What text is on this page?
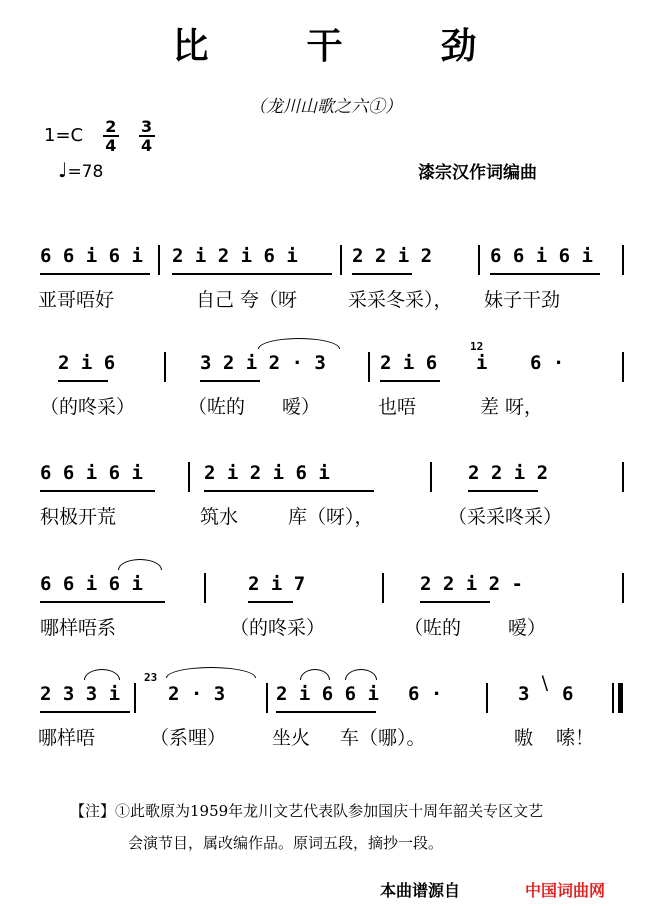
比	干	劲
（龙川山歌之六①）
$1=C \frac{2}{4}$
$\frac{3}{4}$
♩=78	漆宗汉作词编曲
6 6 i 6 i 2 i 2 i 6 i	2 2 i 2	6 6 i 6 i
亚哥唔好	自己 夸（呀	采采冬采）， 妹子干劲
2 i 6	3 2 i 2 · 3	2 i 6
12
i 6 ·
（的咚采）	（咗的 嗳）	也唔	差 呀，
6 6 i 6 i	2 i 2 i 6 i	2 2 i 2
积极开荒	筑水	库（呀），	（采采咚采）
6 6 i 6 i	2 i 7	2 2 i 2 -
哪样唔系	（的咚采）	（咗的 嗳）
2 3 3 i
23
2 · 3	2 i 6 6 i 6 ·	3 ∖ 6
哪样唔	（系哩） 坐火 车（哪）。	嗷 嗦！
【注】①此歌原为1959年龙川文艺代表队参加国庆十周年韶关专区文艺
会演节目，属改编作品。原词五段，摘抄一段。
本曲谱源自	中国词曲网
